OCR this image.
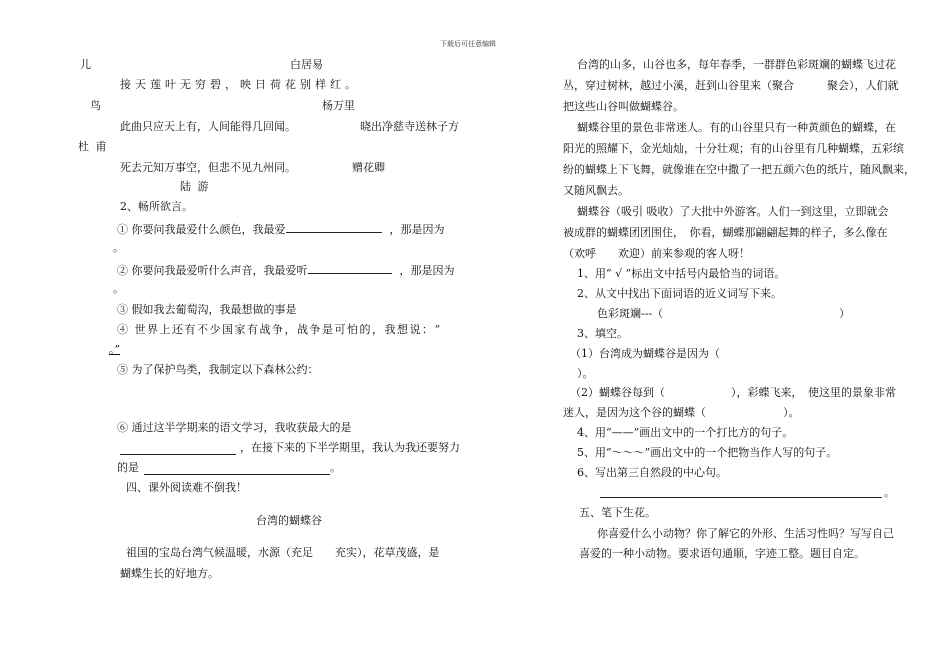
下载后可任意编辑
儿	白居易
接天莲叶无穷碧，映日荷花别样红。
鸟	杨万里
此曲只应天上有，人间能得几回闻。	晓出净慈寺送林子方
杜 甫
死去元知万事空，但悲不见九州同。	赠花卿
陆 游
2、畅所欲言。
① 你要问我最爱什么颜色，我最爱	，那是因为
。
② 你要问我最爱听什么声音，我最爱听	，那是因为
。
③ 假如我去葡萄沟，我最想做的事是
④ 世界上还有不少国家有战争，战争是可怕的，我想说：“
。”
⑤ 为了保护鸟类，我制定以下森林公约：
⑥ 通过这半学期来的语文学习，我收获最大的是
，在接下来的下半学期里，我认为我还要努力
的是	。
四、课外阅读难不倒我！
台湾的蝴蝶谷
祖国的宝岛台湾气候温暖，水源（充足　　充实），花草茂盛，是
蝴蝶生长的好地方。
台湾的山多，山谷也多，每年春季，一群群色彩斑斓的蝴蝶飞过花
丛，穿过树林，越过小溪，赶到山谷里来（聚合　　　聚会），人们就
把这些山谷叫做蝴蝶谷。
蝴蝶谷里的景色非常迷人。有的山谷里只有一种黄颜色的蝴蝶，在
阳光的照耀下，金光灿灿，十分壮观；有的山谷里有几种蝴蝶，五彩缤
纷的蝴蝶上下飞舞，就像谁在空中撒了一把五颜六色的纸片，随风飘来，
又随风飘去。
蝴蝶谷（吸引 吸收）了大批中外游客。人们一到这里，立即就会
被成群的蝴蝶团团围住，　你看，蝴蝶那翩翩起舞的样子，多么像在
（欢呼　　欢迎）前来参观的客人呀！
1、用“ √ ”标出文中括号内最恰当的词语。
2、从文中找出下面词语的近义词写下来。
色彩斑斓---（　　　　　　　　　　　　　　　　）
3、填空。
（1）台湾成为蝴蝶谷是因为（
）。
（2）蝴蝶谷每到（　　　　　　），彩蝶飞来，　使这里的景象非常
迷人，是因为这个谷的蝴蝶（　　　　　　　）。
4、用“——”画出文中的一个打比方的句子。
5、用“～～～”画出文中的一个把物当作人写的句子。
6、写出第三自然段的中心句。
。
五、笔下生花。
你喜爱什么小动物？你了解它的外形、生活习性吗？写写自己
喜爱的一种小动物。要求语句通顺，字迹工整。题目自定。
